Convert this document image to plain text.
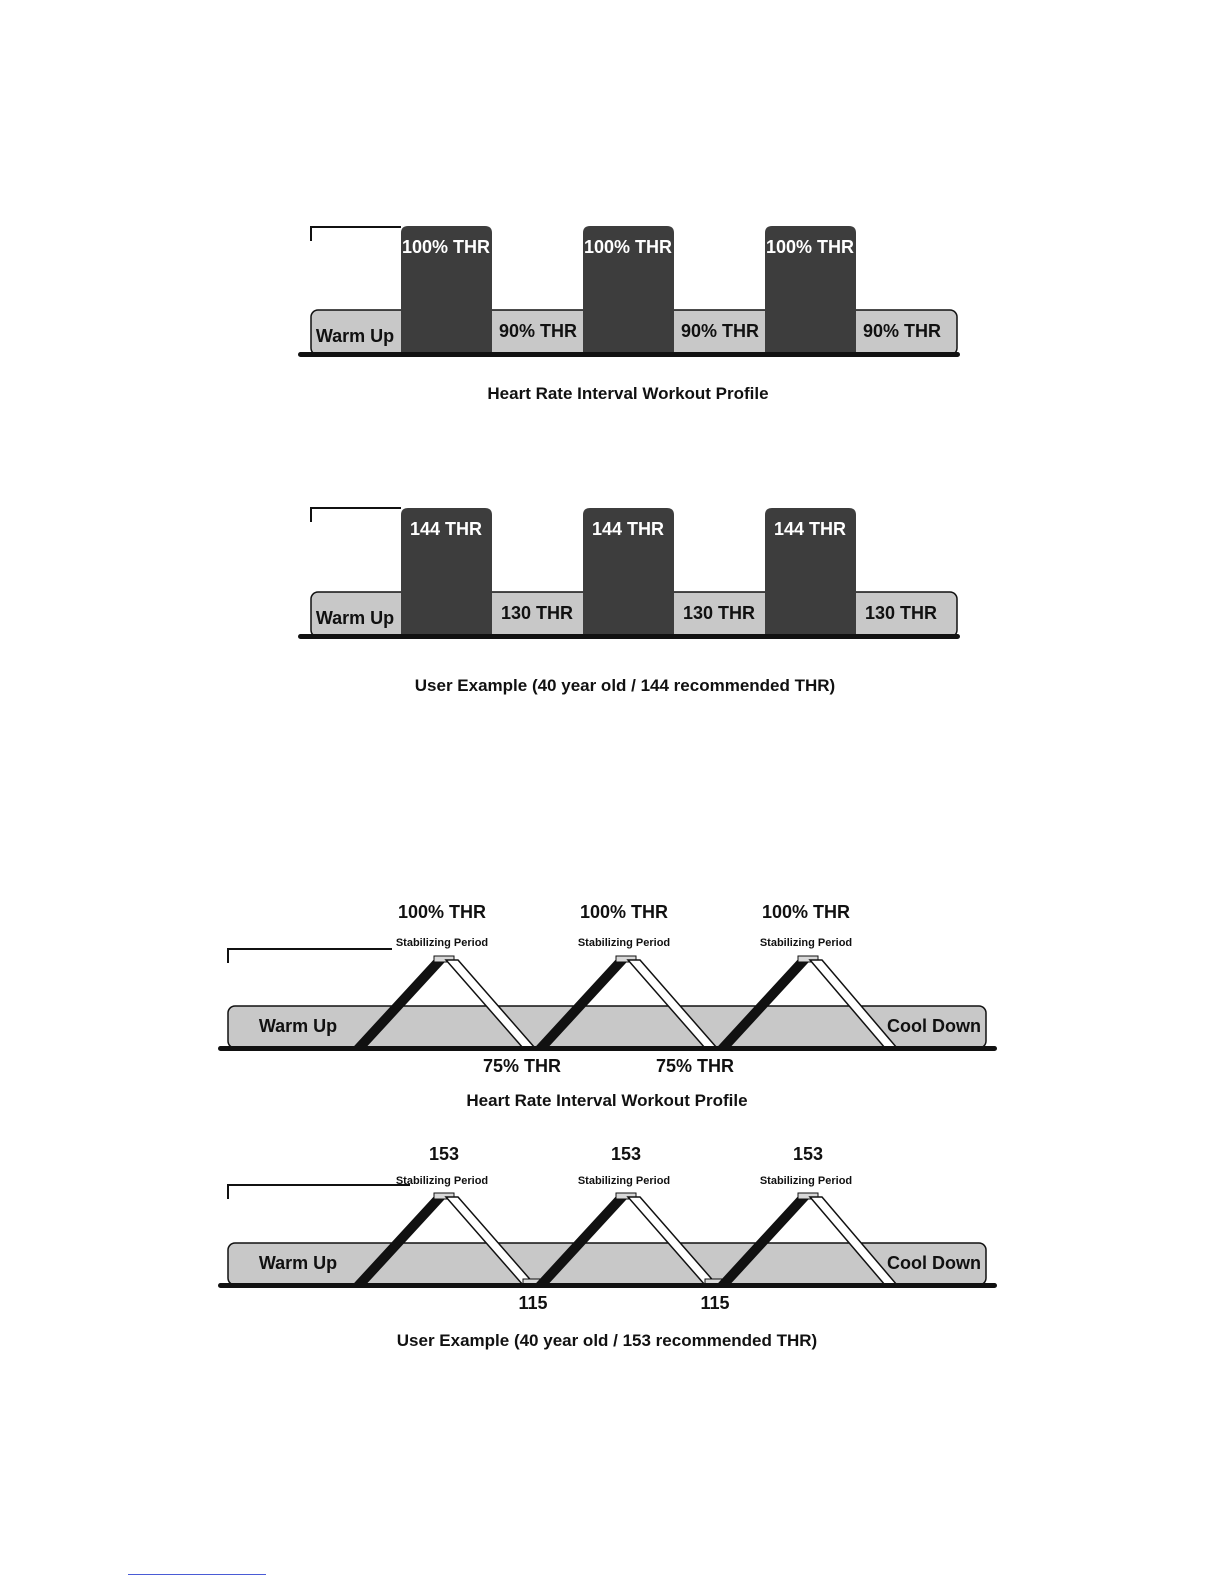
Warm Up
100% THR	100% THR	100% THR
90% THR	90% THR	90% THR
Heart Rate Interval Workout Profile
Warm Up
144 THR	144 THR	144 THR
130 THR	130 THR	130 THR
User Example (40 year old / 144 recommended THR)
Warm Up	Cool Down
100% THR	100% THR	100% THR
Stabilizing Period	Stabilizing Period	Stabilizing Period
75% THR	75% THR
Heart Rate Interval Workout Profile
Warm Up	Cool Down
153	153	153
Stabilizing Period	Stabilizing Period	Stabilizing Period
115	115
User Example (40 year old / 153 recommended THR)
